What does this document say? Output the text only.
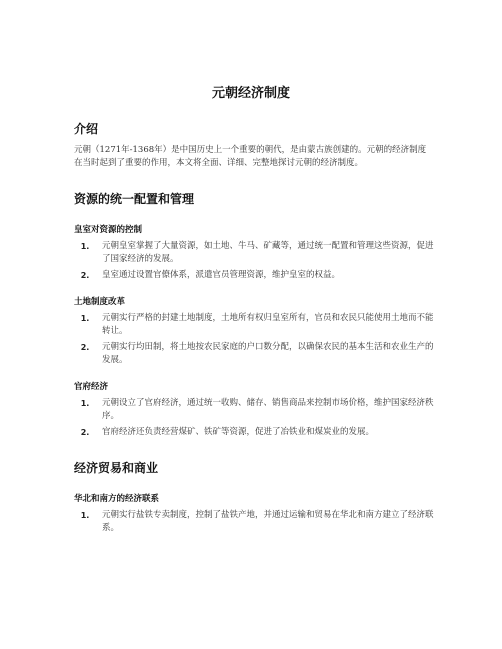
元朝经济制度
介绍

元朝（1271年-1368年）是中国历史上一个重要的朝代，是由蒙古族创建的。元朝的经济制度在当时起到了重要的作用，本文将全面、详细、完整地探讨元朝的经济制度。

资源的统一配置和管理
皇室对资源的控制
1.	元朝皇室掌握了大量资源，如土地、牛马、矿藏等，通过统一配置和管理这些资源，促进了国家经济的发展。
2.	皇室通过设置官僚体系，派遣官员管理资源，维护皇室的权益。
土地制度改革
1.	元朝实行严格的封建土地制度，土地所有权归皇室所有，官员和农民只能使用土地而不能转让。
2.	元朝实行均田制，将土地按农民家庭的户口数分配，以确保农民的基本生活和农业生产的发展。
官府经济
1.	元朝设立了官府经济，通过统一收购、储存、销售商品来控制市场价格，维护国家经济秩序。
2.	官府经济还负责经营煤矿、铁矿等资源，促进了冶铁业和煤炭业的发展。
经济贸易和商业
华北和南方的经济联系
1.	元朝实行盐铁专卖制度，控制了盐铁产地，并通过运输和贸易在华北和南方建立了经济联系。
